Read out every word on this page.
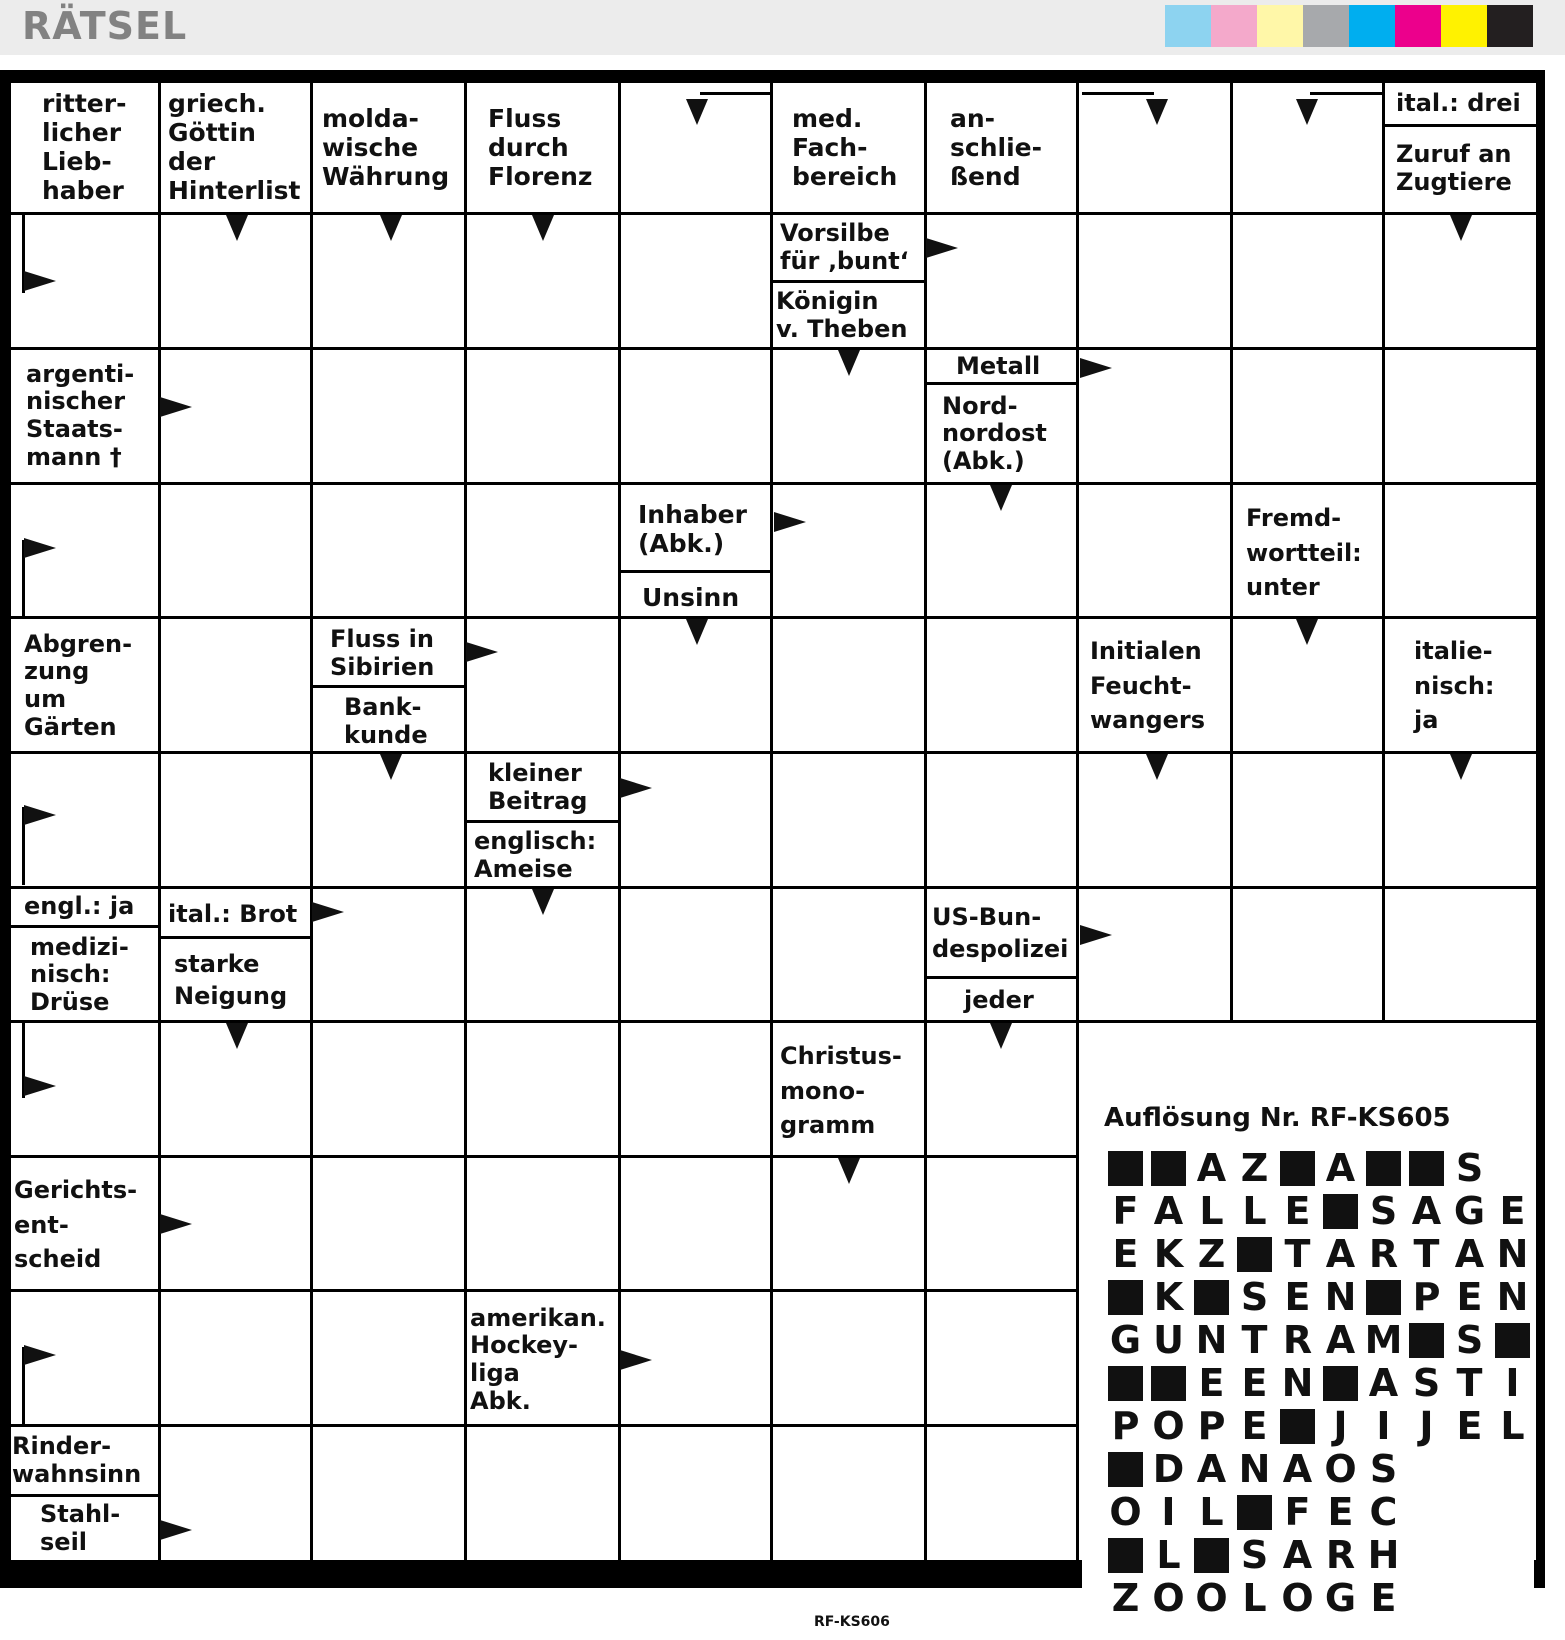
RÄTSEL
ritter-
licher
Lieb-
haber
griech.
Göttin
der
Hinterlist
molda-
wische
Währung
Fluss
durch
Florenz
med.
Fach-
bereich
an-
schlie-
ßend
ital.: drei
Zuruf an
Zugtiere
Vorsilbe
für ‚bunt‘
Königin
v. Theben
argenti-
nischer
Staats-
mann †
Metall
Nord-
nordost
(Abk.)
Inhaber
(Abk.)
Unsinn
Fremd-
wortteil:
unter
Abgren-
zung
um
Gärten
Fluss in
Sibirien
Bank-
kunde
Initialen
Feucht-
wangers
italie-
nisch:
ja
kleiner
Beitrag
englisch:
Ameise
engl.: ja
medizi-
nisch:
Drüse
ital.: Brot
starke
Neigung
US-Bun-
despolizei
jeder
Christus-
mono-
gramm
Gerichts-
ent-
scheid
amerikan.
Hockey-
liga
Abk.
Rinder-
wahnsinn
Stahl-
seil
Auflösung Nr. RF-KS605
A Z A	S
F A L L E S A G E
E K Z T A R T A N
K S E N P E N
G U N T R A M S
E E N A S T I
P O P E	J I J E L
D A N A O S
O I L F E C
L S A R H
Z O O L O G E
RF-KS606
